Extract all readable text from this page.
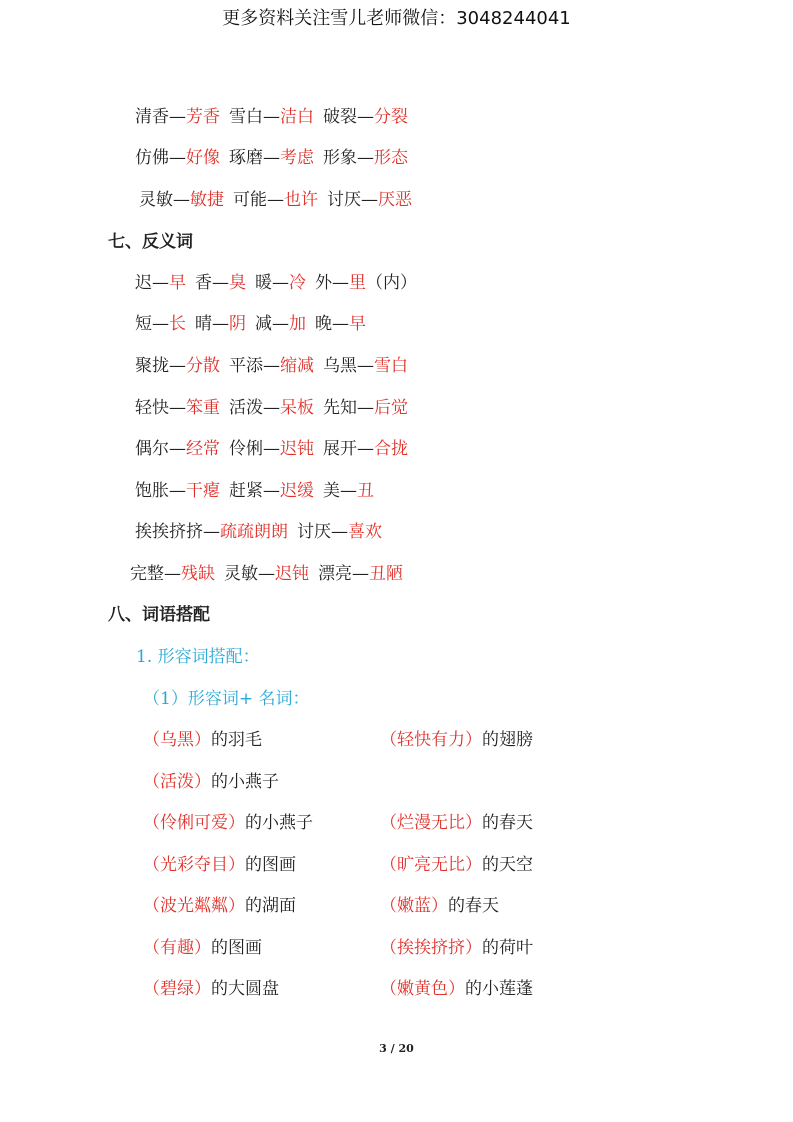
更多资料关注雪儿老师微信：3048244041
清香—芳香 雪白—洁白 破裂—分裂
仿佛—好像 琢磨—考虑 形象—形态
灵敏—敏捷 可能—也许 讨厌—厌恶
七、反义词
迟—早 香—臭 暖—冷 外—里（内）
短—长 晴—阴 减—加 晚—早
聚拢—分散 平添—缩减 乌黑—雪白
轻快—笨重 活泼—呆板 先知—后觉
偶尔—经常 伶俐—迟钝 展开—合拢
饱胀—干瘪 赶紧—迟缓 美—丑
挨挨挤挤—疏疏朗朗 讨厌—喜欢
完整—残缺 灵敏—迟钝 漂亮—丑陋
八、词语搭配
1. 形容词搭配：
（1）形容词+ 名词：
3 / 20
（乌黑）的羽毛
（活泼）的小燕子
（伶俐可爱）的小燕子
（光彩夺目）的图画
（波光粼粼）的湖面
（有趣）的图画
（碧绿）的大圆盘
（轻快有力）的翅膀
（烂漫无比）的春天
（旷亮无比）的天空
（嫩蓝）的春天
（挨挨挤挤）的荷叶
（嫩黄色）的小莲蓬
